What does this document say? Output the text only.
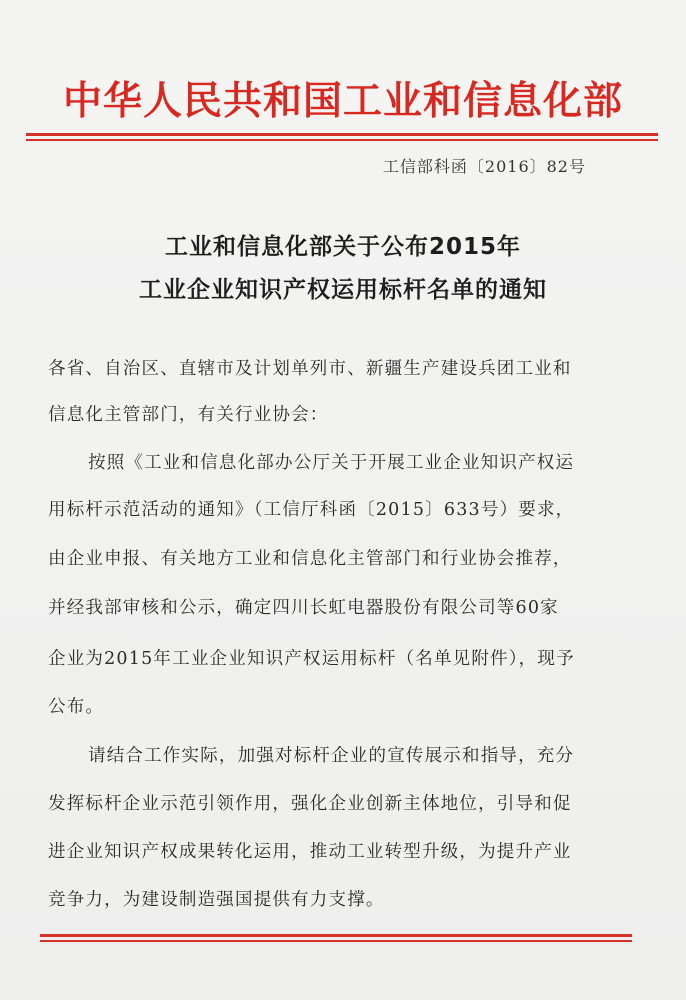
中华人民共和国工业和信息化部
工信部科函〔2016〕82号
工业和信息化部关于公布2015年
工业企业知识产权运用标杆名单的通知
各省、自治区、直辖市及计划单列市、新疆生产建设兵团工业和
信息化主管部门，有关行业协会：
按照《工业和信息化部办公厅关于开展工业企业知识产权运
用标杆示范活动的通知》（工信厅科函〔2015〕633号）要求，
由企业申报、有关地方工业和信息化主管部门和行业协会推荐，
并经我部审核和公示，确定四川长虹电器股份有限公司等60家
企业为2015年工业企业知识产权运用标杆（名单见附件），现予
公布。
请结合工作实际，加强对标杆企业的宣传展示和指导，充分
发挥标杆企业示范引领作用，强化企业创新主体地位，引导和促
进企业知识产权成果转化运用，推动工业转型升级，为提升产业
竞争力，为建设制造强国提供有力支撑。
